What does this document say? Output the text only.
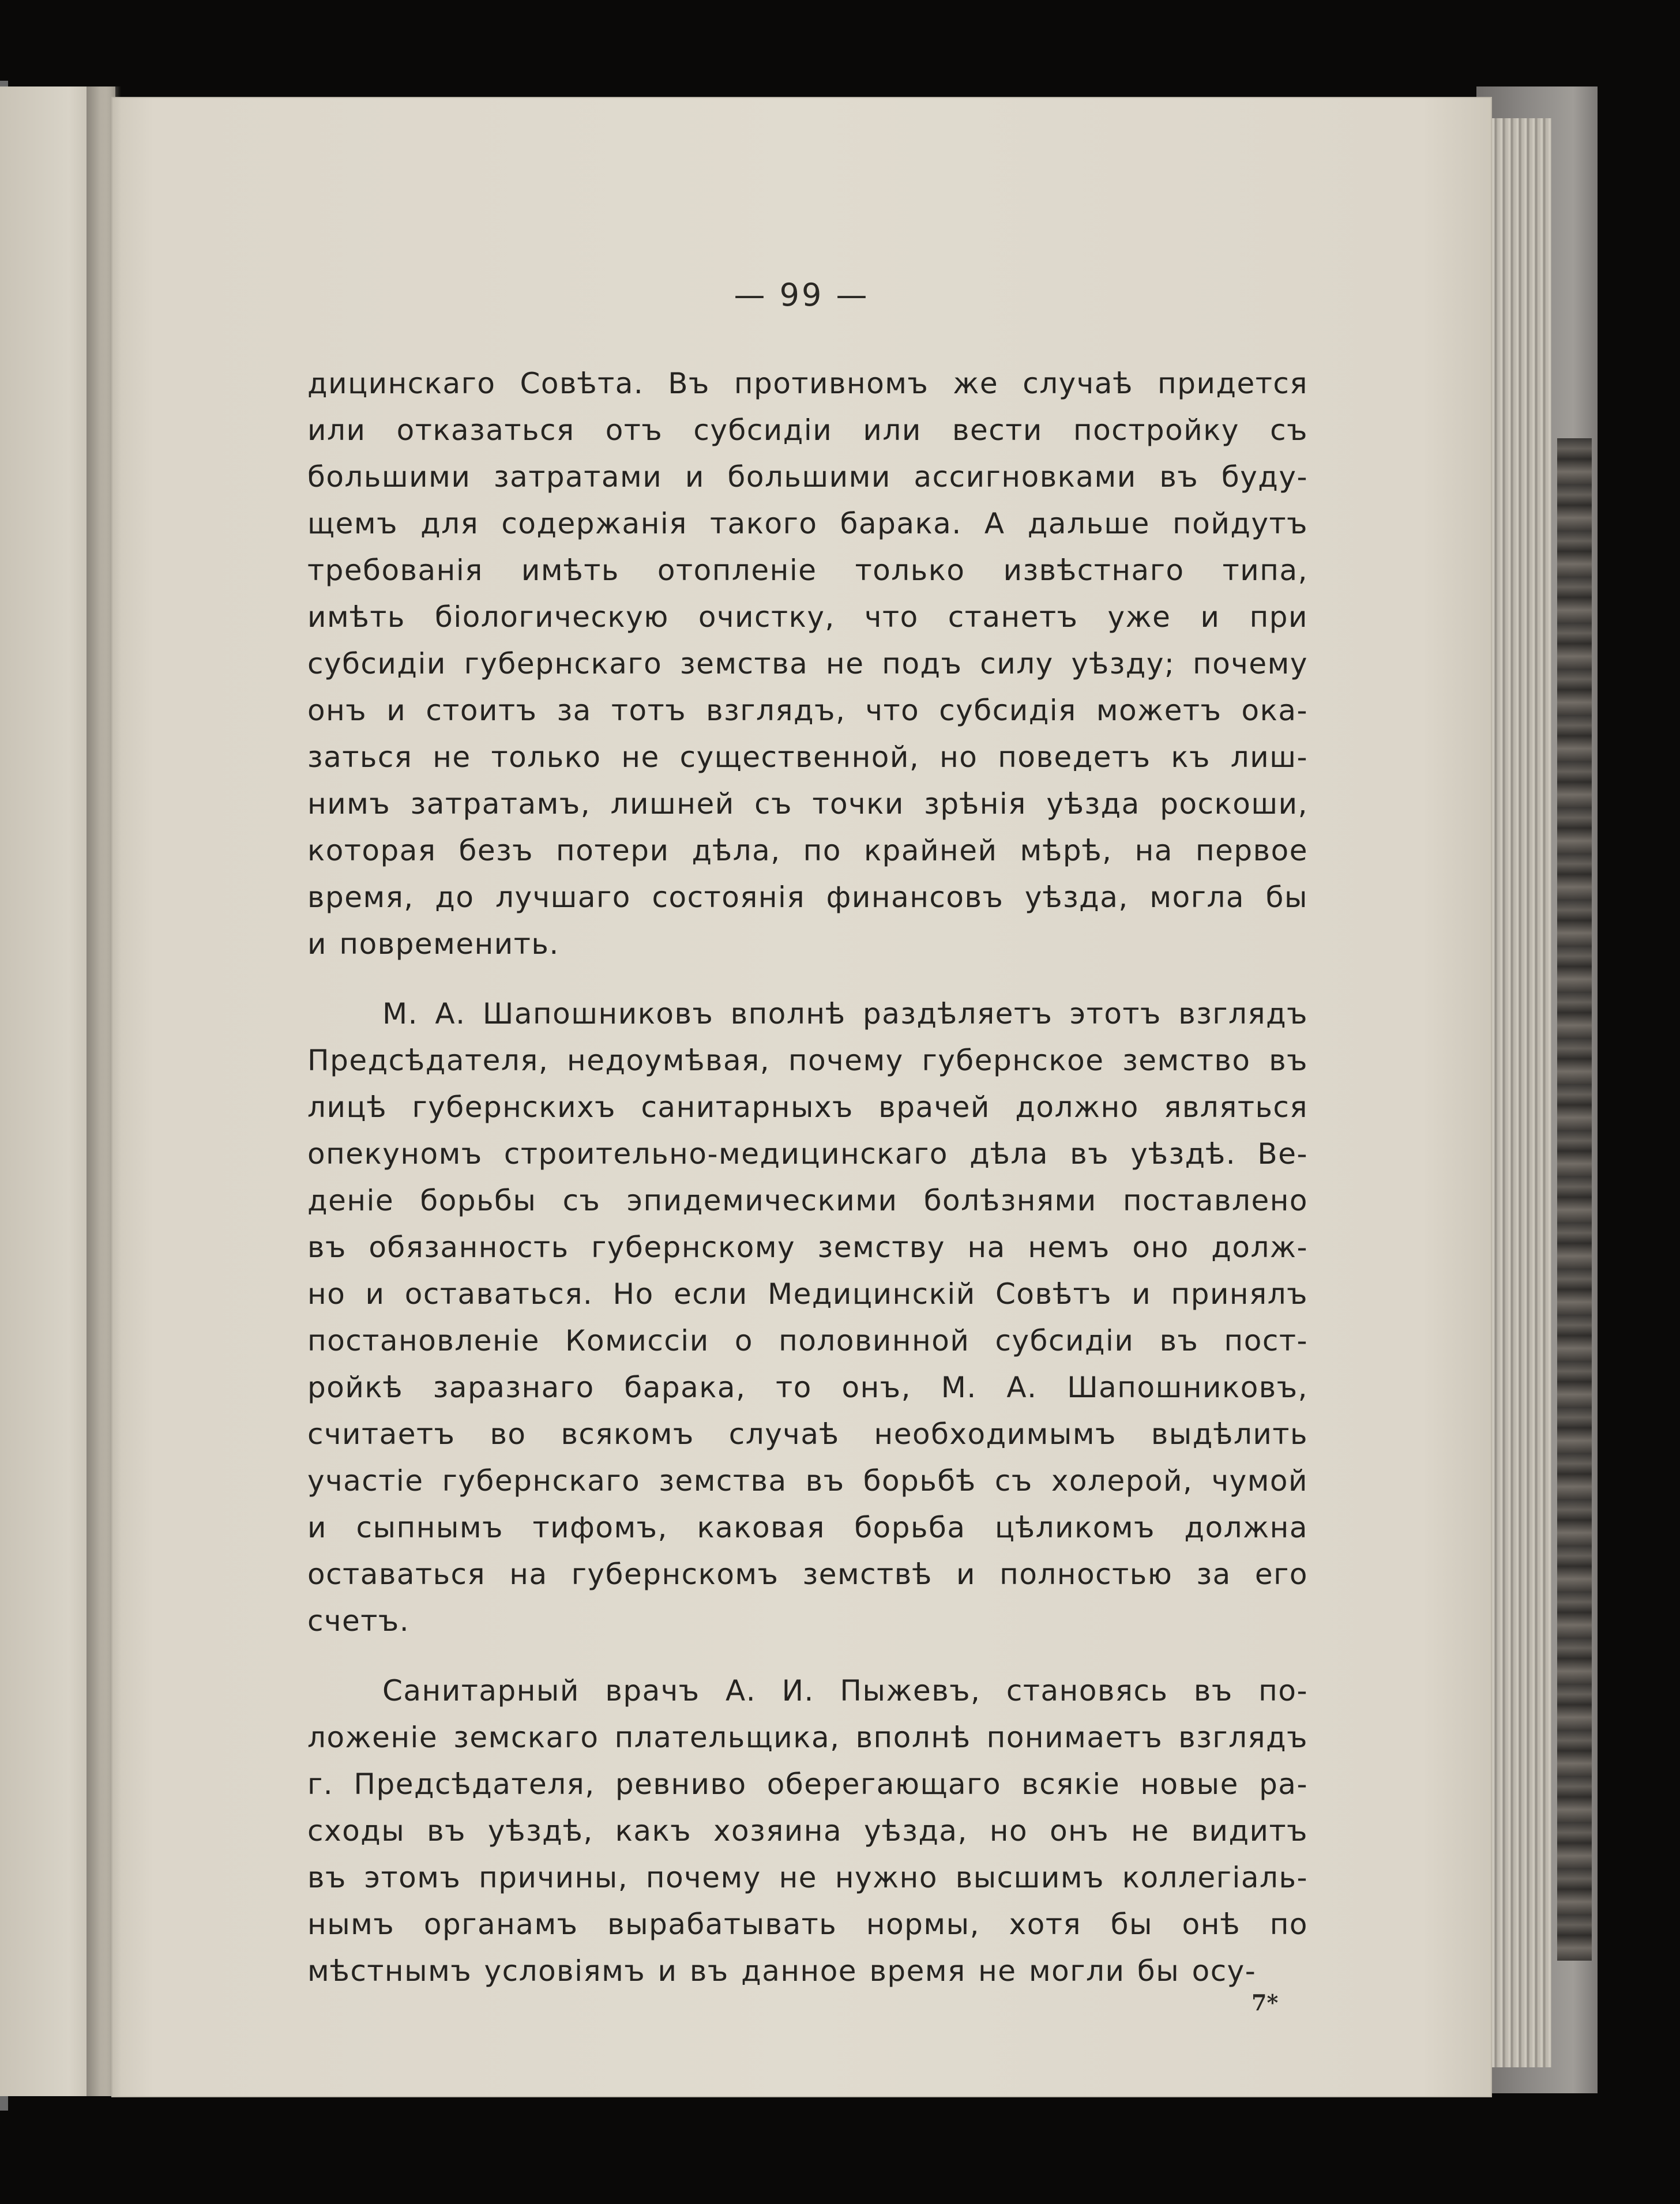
— 99 —
дицинскаго Совѣта. Въ противномъ же случаѣ придется
или отказаться отъ субсидіи или вести постройку съ
большими затратами и большими ассигновками въ буду-
щемъ для содержанія такого барака. А дальше пойдутъ
требованія имѣть отопленіе только извѣстнаго типа,
имѣть біологическую очистку, что станетъ уже и при
субсидіи губернскаго земства не подъ силу уѣзду; почему
онъ и стоитъ за тотъ взглядъ, что субсидія можетъ ока-
заться не только не существенной, но поведетъ къ лиш-
нимъ затратамъ, лишней съ точки зрѣнія уѣзда роскоши,
которая безъ потери дѣла, по крайней мѣрѣ, на первое
время, до лучшаго состоянія финансовъ уѣзда, могла бы
и повременить.
М. А. Шапошниковъ вполнѣ раздѣляетъ этотъ взглядъ
Предсѣдателя, недоумѣвая, почему губернское земство въ
лицѣ губернскихъ санитарныхъ врачей должно являться
опекуномъ строительно-медицинскаго дѣла въ уѣздѣ. Ве-
деніе борьбы съ эпидемическими болѣзнями поставлено
въ обязанность губернскому земству на немъ оно долж-
но и оставаться. Но если Медицинскій Совѣтъ и принялъ
постановленіе Комиссіи о половинной субсидіи въ пост-
ройкѣ заразнаго барака, то онъ, М. А. Шапошниковъ,
считаетъ во всякомъ случаѣ необходимымъ выдѣлить
участіе губернскаго земства въ борьбѣ съ холерой, чумой
и сыпнымъ тифомъ, каковая борьба цѣликомъ должна
оставаться на губернскомъ земствѣ и полностью за его
счетъ.
Санитарный врачъ А. И. Пыжевъ, становясь въ по-
ложеніе земскаго плательщика, вполнѣ понимаетъ взглядъ
г. Предсѣдателя, ревниво оберегающаго всякіе новые ра-
сходы въ уѣздѣ, какъ хозяина уѣзда, но онъ не видитъ
въ этомъ причины, почему не нужно высшимъ коллегіаль-
нымъ органамъ вырабатывать нормы, хотя бы онѣ по
мѣстнымъ условіямъ и въ данное время не могли бы осу-
7*
